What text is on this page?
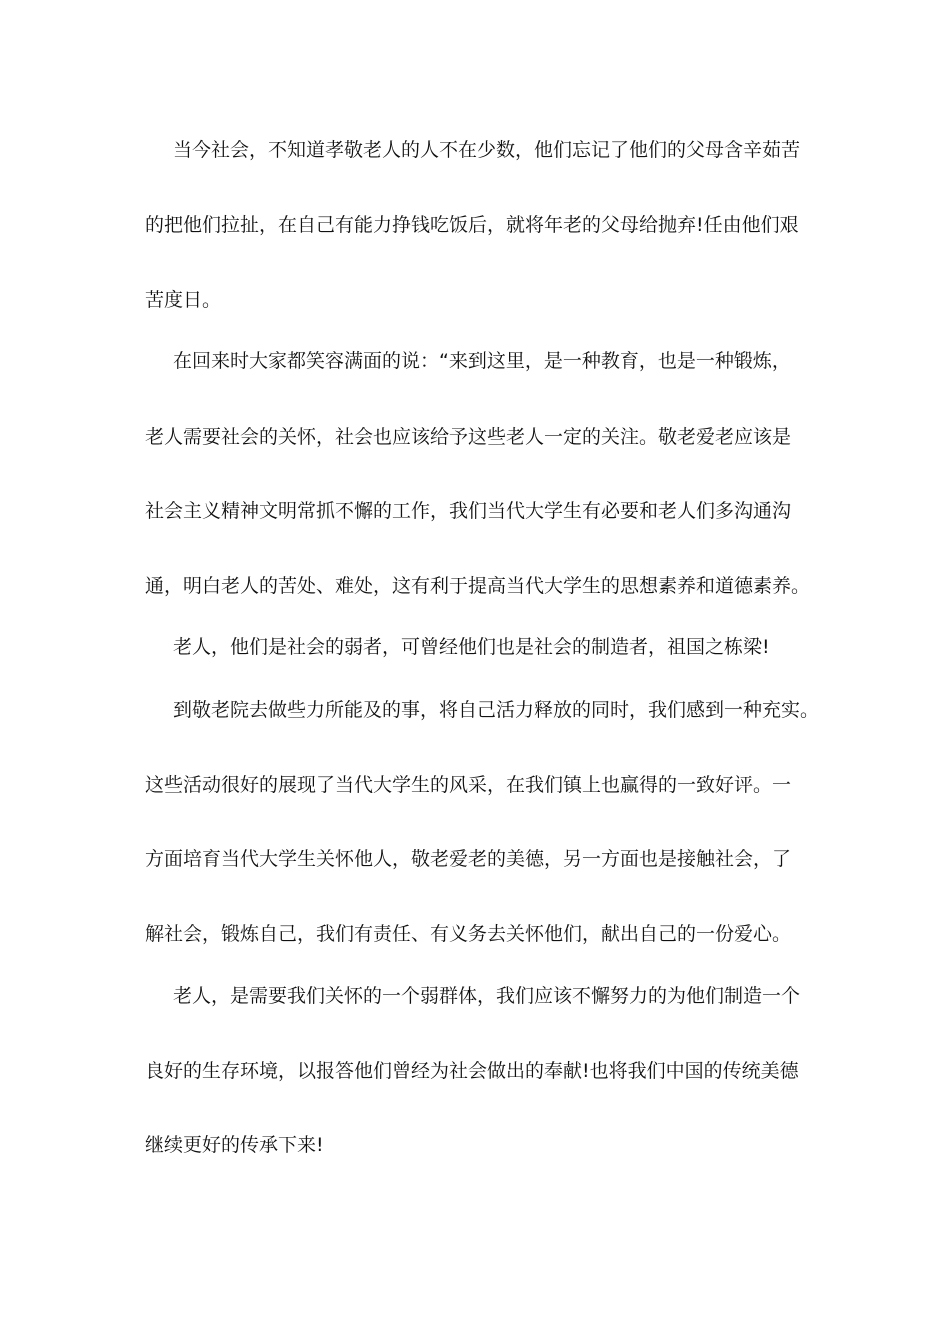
当今社会，不知道孝敬老人的人不在少数，他们忘记了他们的父母含辛茹苦
的把他们拉扯，在自己有能力挣钱吃饭后，就将年老的父母给抛弃!任由他们艰
苦度日。
在回来时大家都笑容满面的说：“来到这里，是一种教育，也是一种锻炼，
老人需要社会的关怀，社会也应该给予这些老人一定的关注。敬老爱老应该是
社会主义精神文明常抓不懈的工作，我们当代大学生有必要和老人们多沟通沟
通，明白老人的苦处、难处，这有利于提高当代大学生的思想素养和道德素养。
老人，他们是社会的弱者，可曾经他们也是社会的制造者，祖国之栋梁!
到敬老院去做些力所能及的事，将自己活力释放的同时，我们感到一种充实。
这些活动很好的展现了当代大学生的风采，在我们镇上也赢得的一致好评。一
方面培育当代大学生关怀他人，敬老爱老的美德，另一方面也是接触社会，了
解社会，锻炼自己，我们有责任、有义务去关怀他们，献出自己的一份爱心。
老人，是需要我们关怀的一个弱群体，我们应该不懈努力的为他们制造一个
良好的生存环境，以报答他们曾经为社会做出的奉献!也将我们中国的传统美德
继续更好的传承下来!
